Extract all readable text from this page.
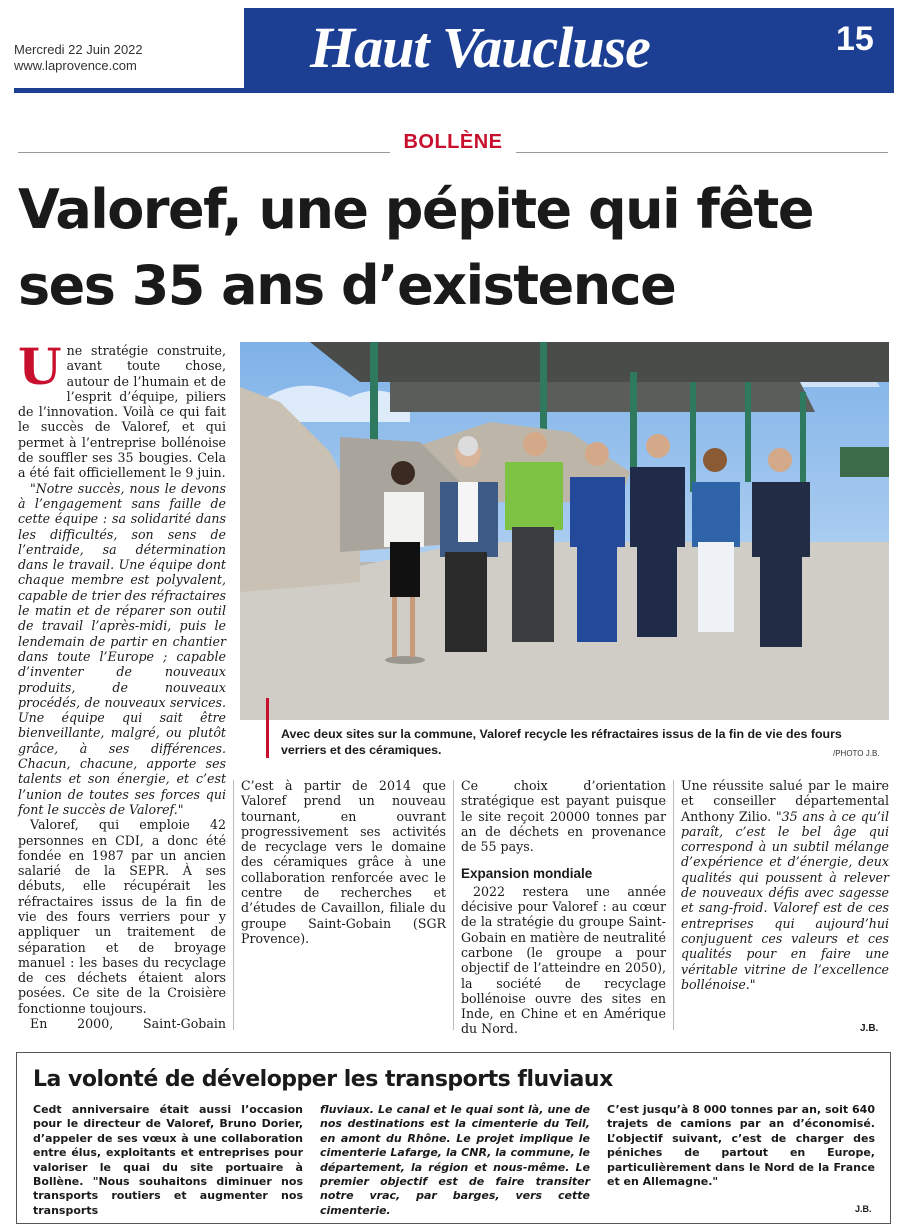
Mercredi 22 Juin 2022
www.laprovence.com	Haut Vaucluse	15
BOLLÈNE
Valoref, une pépite qui fête
ses 35 ans d’existence

Une stratégie construite, avant toute chose, autour de l’humain et de l’esprit d’équipe, piliers de l’innovation. Voilà ce qui fait le succès de Valoref, et qui permet à l’entreprise bollénoise de souffler ses 35 bougies. Cela a été fait officiellement le 9 juin.

"Notre succès, nous le devons à l’engagement sans faille de cette équipe : sa solidarité dans les difficultés, son sens de l’entraide, sa détermination dans le travail. Une équipe dont chaque membre est polyvalent, capable de trier des réfractaires le matin et de réparer son outil de travail l’après-midi, puis le lendemain de partir en chantier dans toute l’Europe ; capable d’inventer de nouveaux produits, de nouveaux procédés, de nouveaux services. Une équipe qui sait être bienveillante, malgré, ou plutôt grâce, à ses différences. Chacun, chacune, apporte ses talents et son énergie, et c’est l’union de toutes ses forces qui font le succès de Valoref."

Valoref, qui emploie 42 personnes en CDI, a donc été fondée en 1987 par un ancien salarié de la SEPR. À ses débuts, elle récupérait les réfractaires issus de la fin de vie des fours verriers pour y appliquer un traitement de séparation et de broyage manuel : les bases du recyclage de ces déchets étaient alors posées. Ce site de la Croisière fonctionne toujours.

En 2000, Saint-Gobain

Avec deux sites sur la commune, Valoref recycle les réfractaires issus de la fin de vie des fours verriers et des céramiques.	/PHOTO J.B.

C’est à partir de 2014 que Valoref prend un nouveau tournant, en ouvrant progressivement ses activités de recyclage vers le domaine des céramiques grâce à une collaboration renforcée avec le centre de recherches et d’études de Cavaillon, filiale du groupe Saint-Gobain (SGR Provence).

Ce choix d’orientation stratégique est payant puisque le site reçoit 20000 tonnes par an de déchets en provenance de 55 pays.

Expansion mondiale

2022 restera une année décisive pour Valoref : au cœur de la stratégie du groupe Saint-Gobain en matière de neutralité carbone (le groupe a pour objectif de l’atteindre en 2050), la société de recyclage bollénoise ouvre des sites en Inde, en Chine et en Amérique du Nord.

Une réussite salué par le maire et conseiller départemental Anthony Zilio. "35 ans à ce qu’il paraît, c’est le bel âge qui correspond à un subtil mélange d’expérience et d’énergie, deux qualités qui poussent à relever de nouveaux défis avec sagesse et sang-froid. Valoref est de ces entreprises qui aujourd’hui conjuguent ces valeurs et ces qualités pour en faire une véritable vitrine de l’excellence bollénoise."

J.B.
La volonté de développer les transports fluviaux

Cedt anniversaire était aussi l’occasion pour le directeur de Valoref, Bruno Dorier, d’appeler de ses vœux à une collaboration entre élus, exploitants et entreprises pour valoriser le quai du site portuaire à Bollène. "Nous souhaitons diminuer nos transports routiers et augmenter nos transports

fluviaux. Le canal et le quai sont là, une de nos destinations est la cimenterie du Teil, en amont du Rhône. Le projet implique le cimenterie Lafarge, la CNR, la commune, le département, la région et nous-même. Le premier objectif est de faire transiter notre vrac, par barges, vers cette cimenterie.

C’est jusqu’à 8 000 tonnes par an, soit 640 trajets de camions par an d’économisé. L’objectif suivant, c’est de charger des péniches de partout en Europe, particulièrement dans le Nord de la France et en Allemagne."

J.B.
